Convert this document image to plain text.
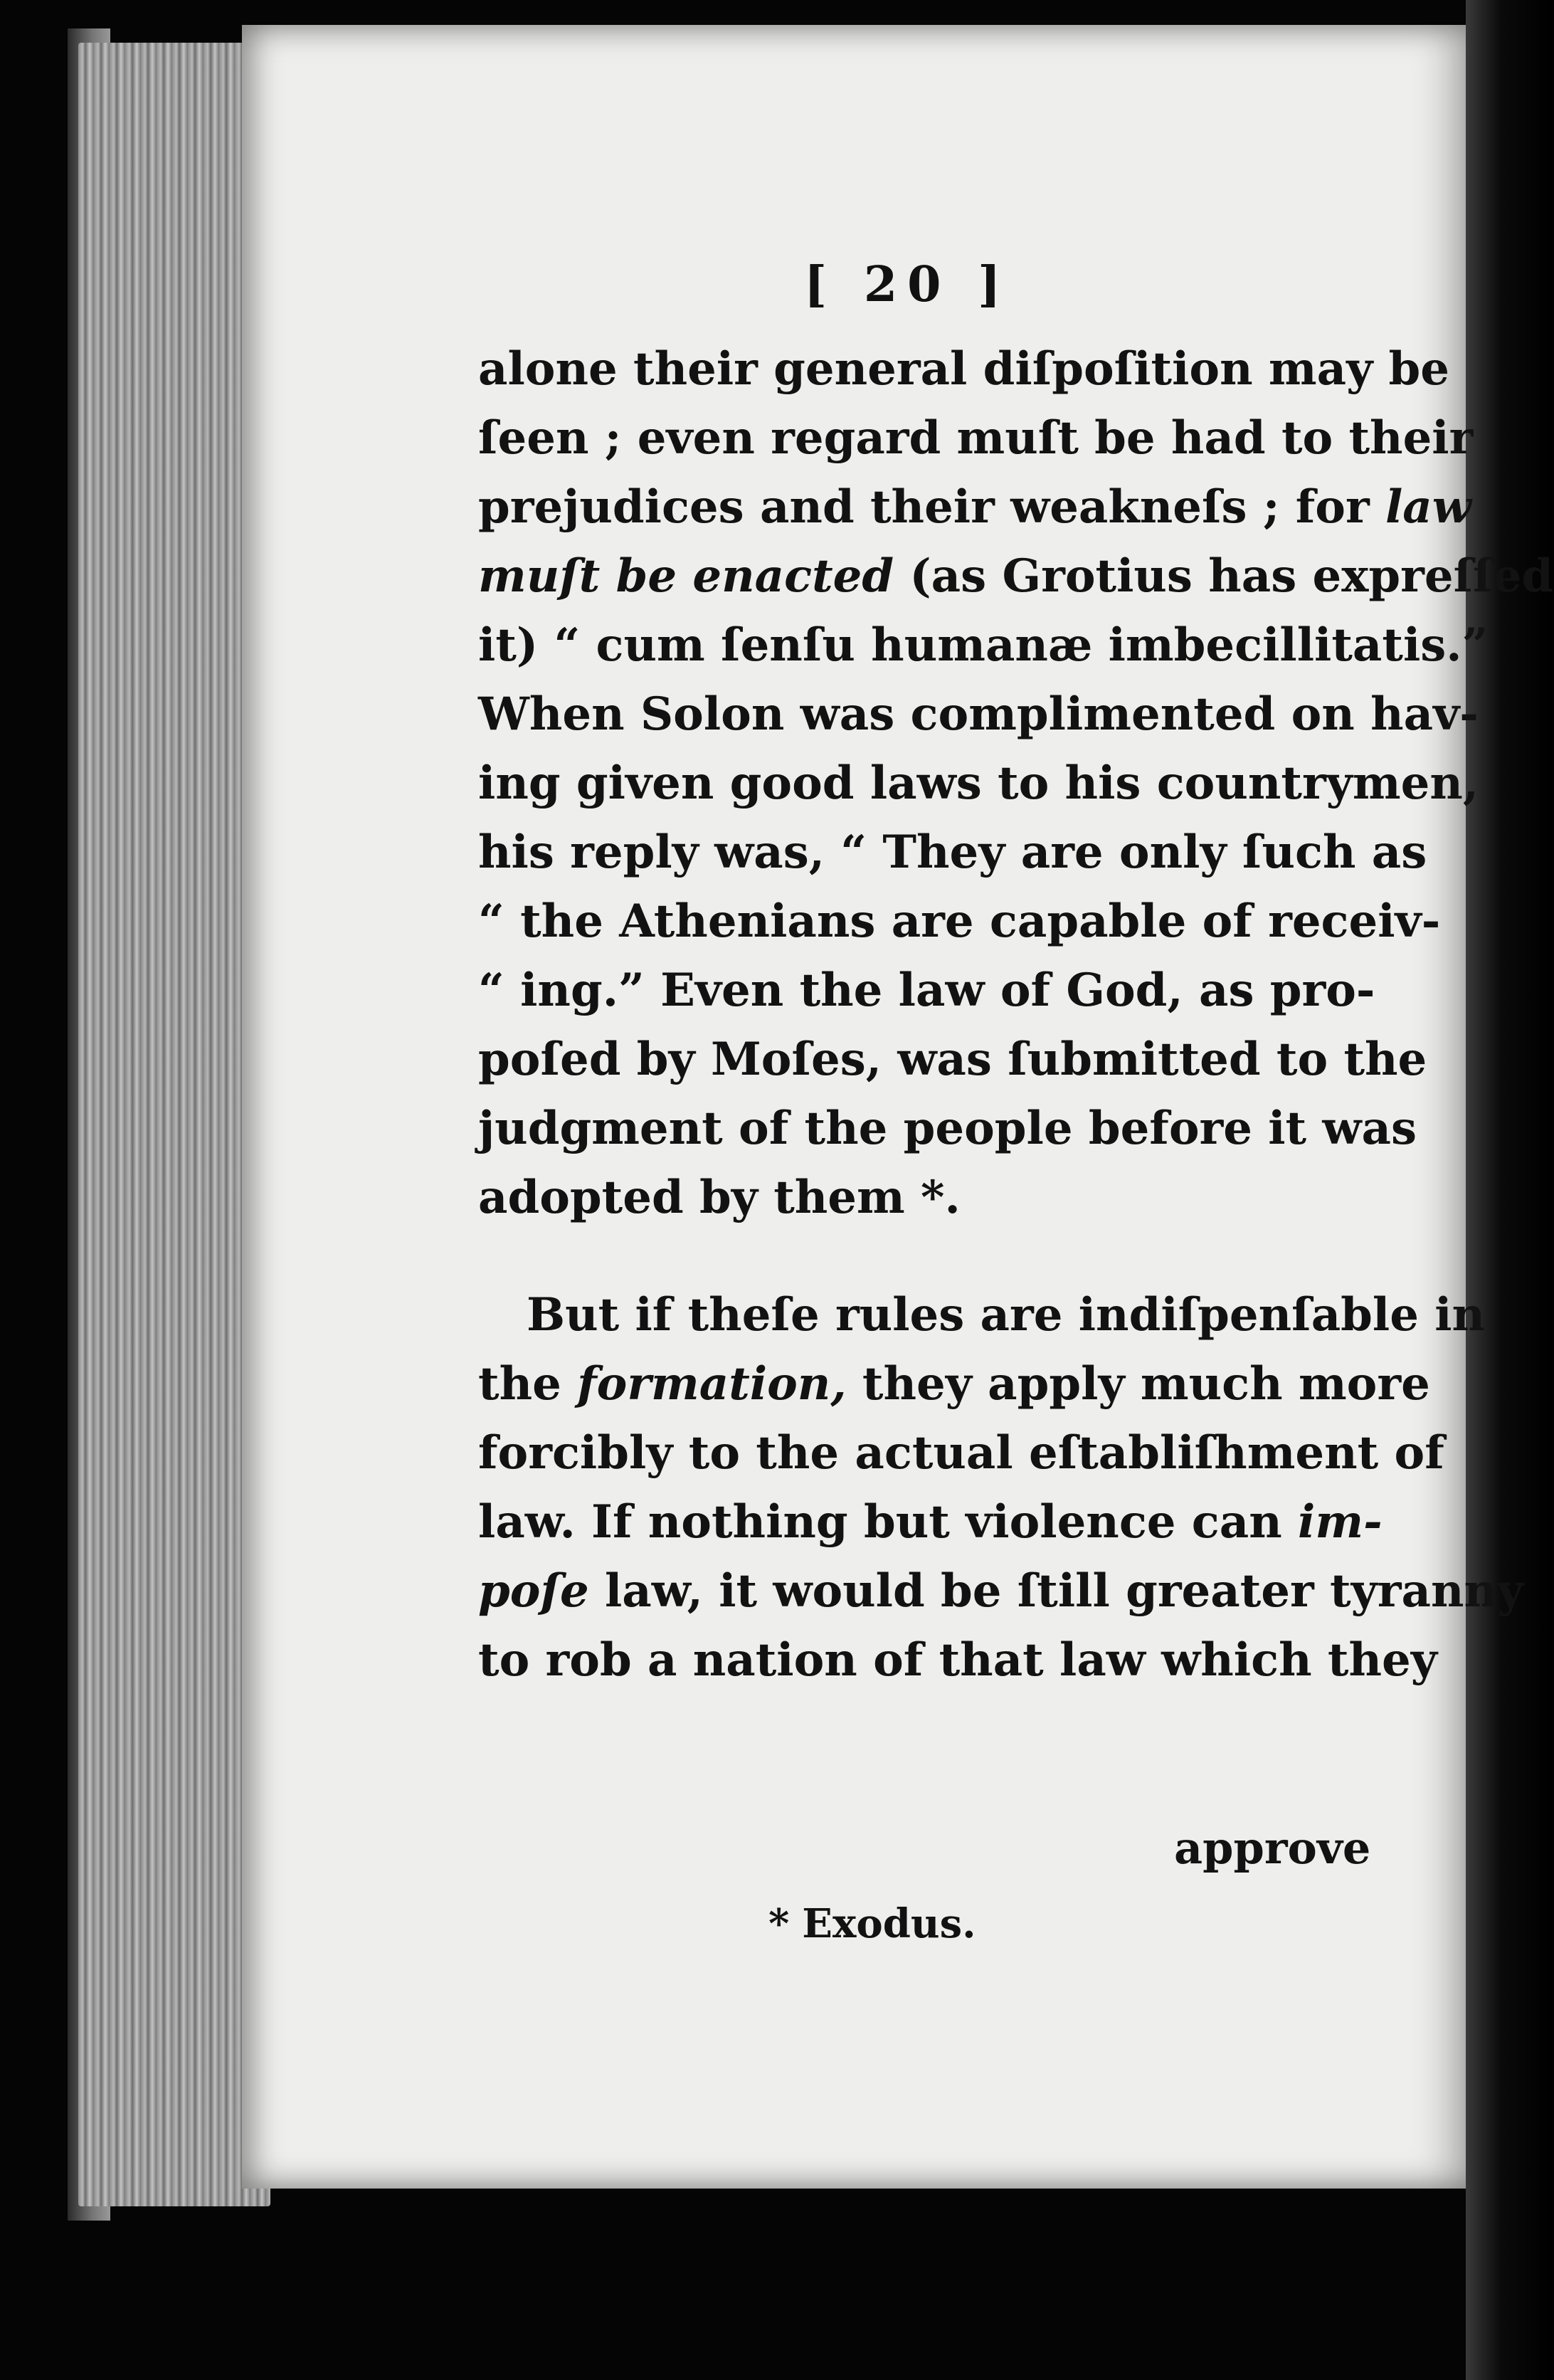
[ 20 ]
alone their general diſpoſition may be
ſeen ; even regard muſt be had to their
prejudices and their weakneſs ; for law
muſt be enacted (as Grotius has expreſſed
it) “ cum ſenſu humanæ imbecillitatis.”
When Solon was complimented on hav-
ing given good laws to his countrymen,
his reply was, “ They are only ſuch as
“ the Athenians are capable of receiv-
“ ing.” Even the law of God, as pro-
poſed by Moſes, was ſubmitted to the
judgment of the people before it was
adopted by them *.
But if theſe rules are indiſpenſable in
the formation, they apply much more
forcibly to the actual eſtabliſhment of
law. If nothing but violence can im-
poſe law, it would be ſtill greater tyranny
to rob a nation of that law which they
approve
* Exodus.
